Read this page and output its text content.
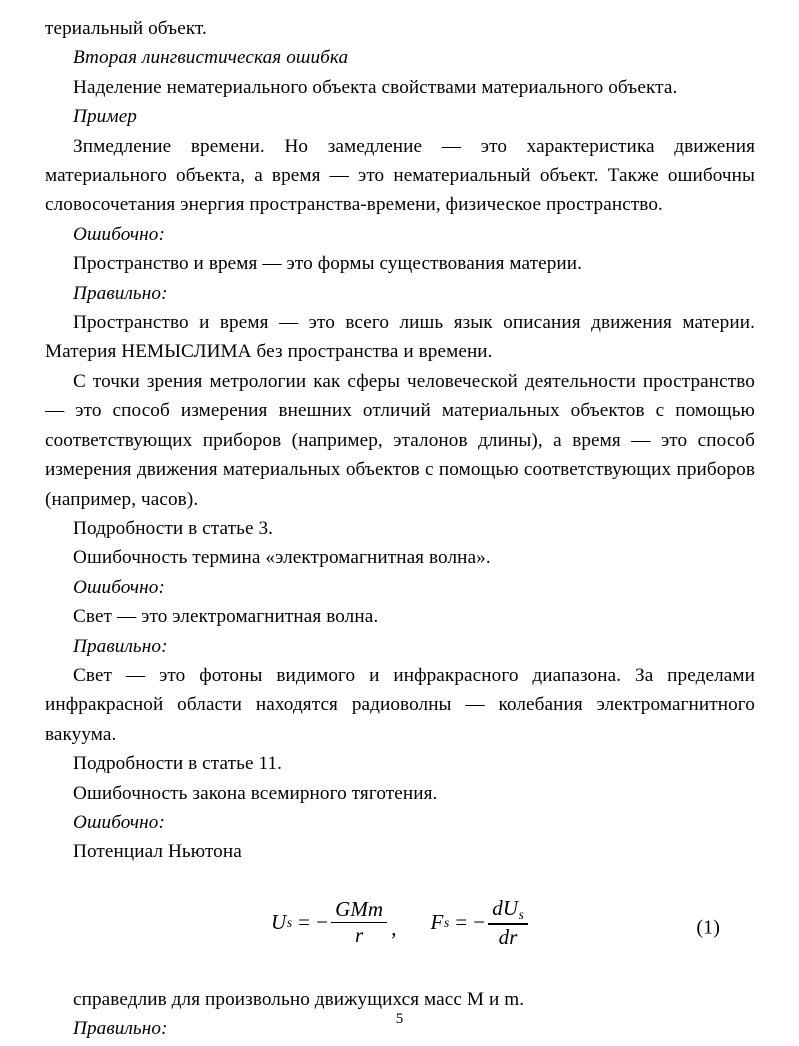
териальный объект.

Вторая лингвистическая ошибка

Наделение нематериального объекта свойствами материального объекта.

Пример

Зпмедление времени. Но замедление — это характеристика движения материального объекта, а время — это нематериальный объект. Также ошибочны словосочетания энергия пространства-времени, физическое пространство.

Ошибочно:

Пространство и время — это формы существования материи.

Правильно:

Пространство и время — это всего лишь язык описания движения материи. Материя НЕМЫСЛИМА без пространства и времени.

С точки зрения метрологии как сферы человеческой деятельности пространство — это способ измерения внешних отличий материальных объектов с помощью соответствующих приборов (например, эталонов длины), а время — это способ измерения движения материальных объектов с помощью соответствующих приборов (например, часов).

Подробности в статье 3.

Ошибочность термина «электромагнитная волна».

Ошибочно:

Свет — это электромагнитная волна.

Правильно:

Свет — это фотоны видимого и инфракрасного диапазона. За пределами инфракрасной области находятся радиоволны — колебания электромагнитного вакуума.

Подробности в статье 11.

Ошибочность закона всемирного тяготения.

Ошибочно:

Потенциал Ньютона

U s = − $\frac{\text{GMm}}{r}$ , F s = − $\frac{dU_s}{dr}$	(1)

справедлив для произвольно движущихся масс M и m.

Правильно:	5
